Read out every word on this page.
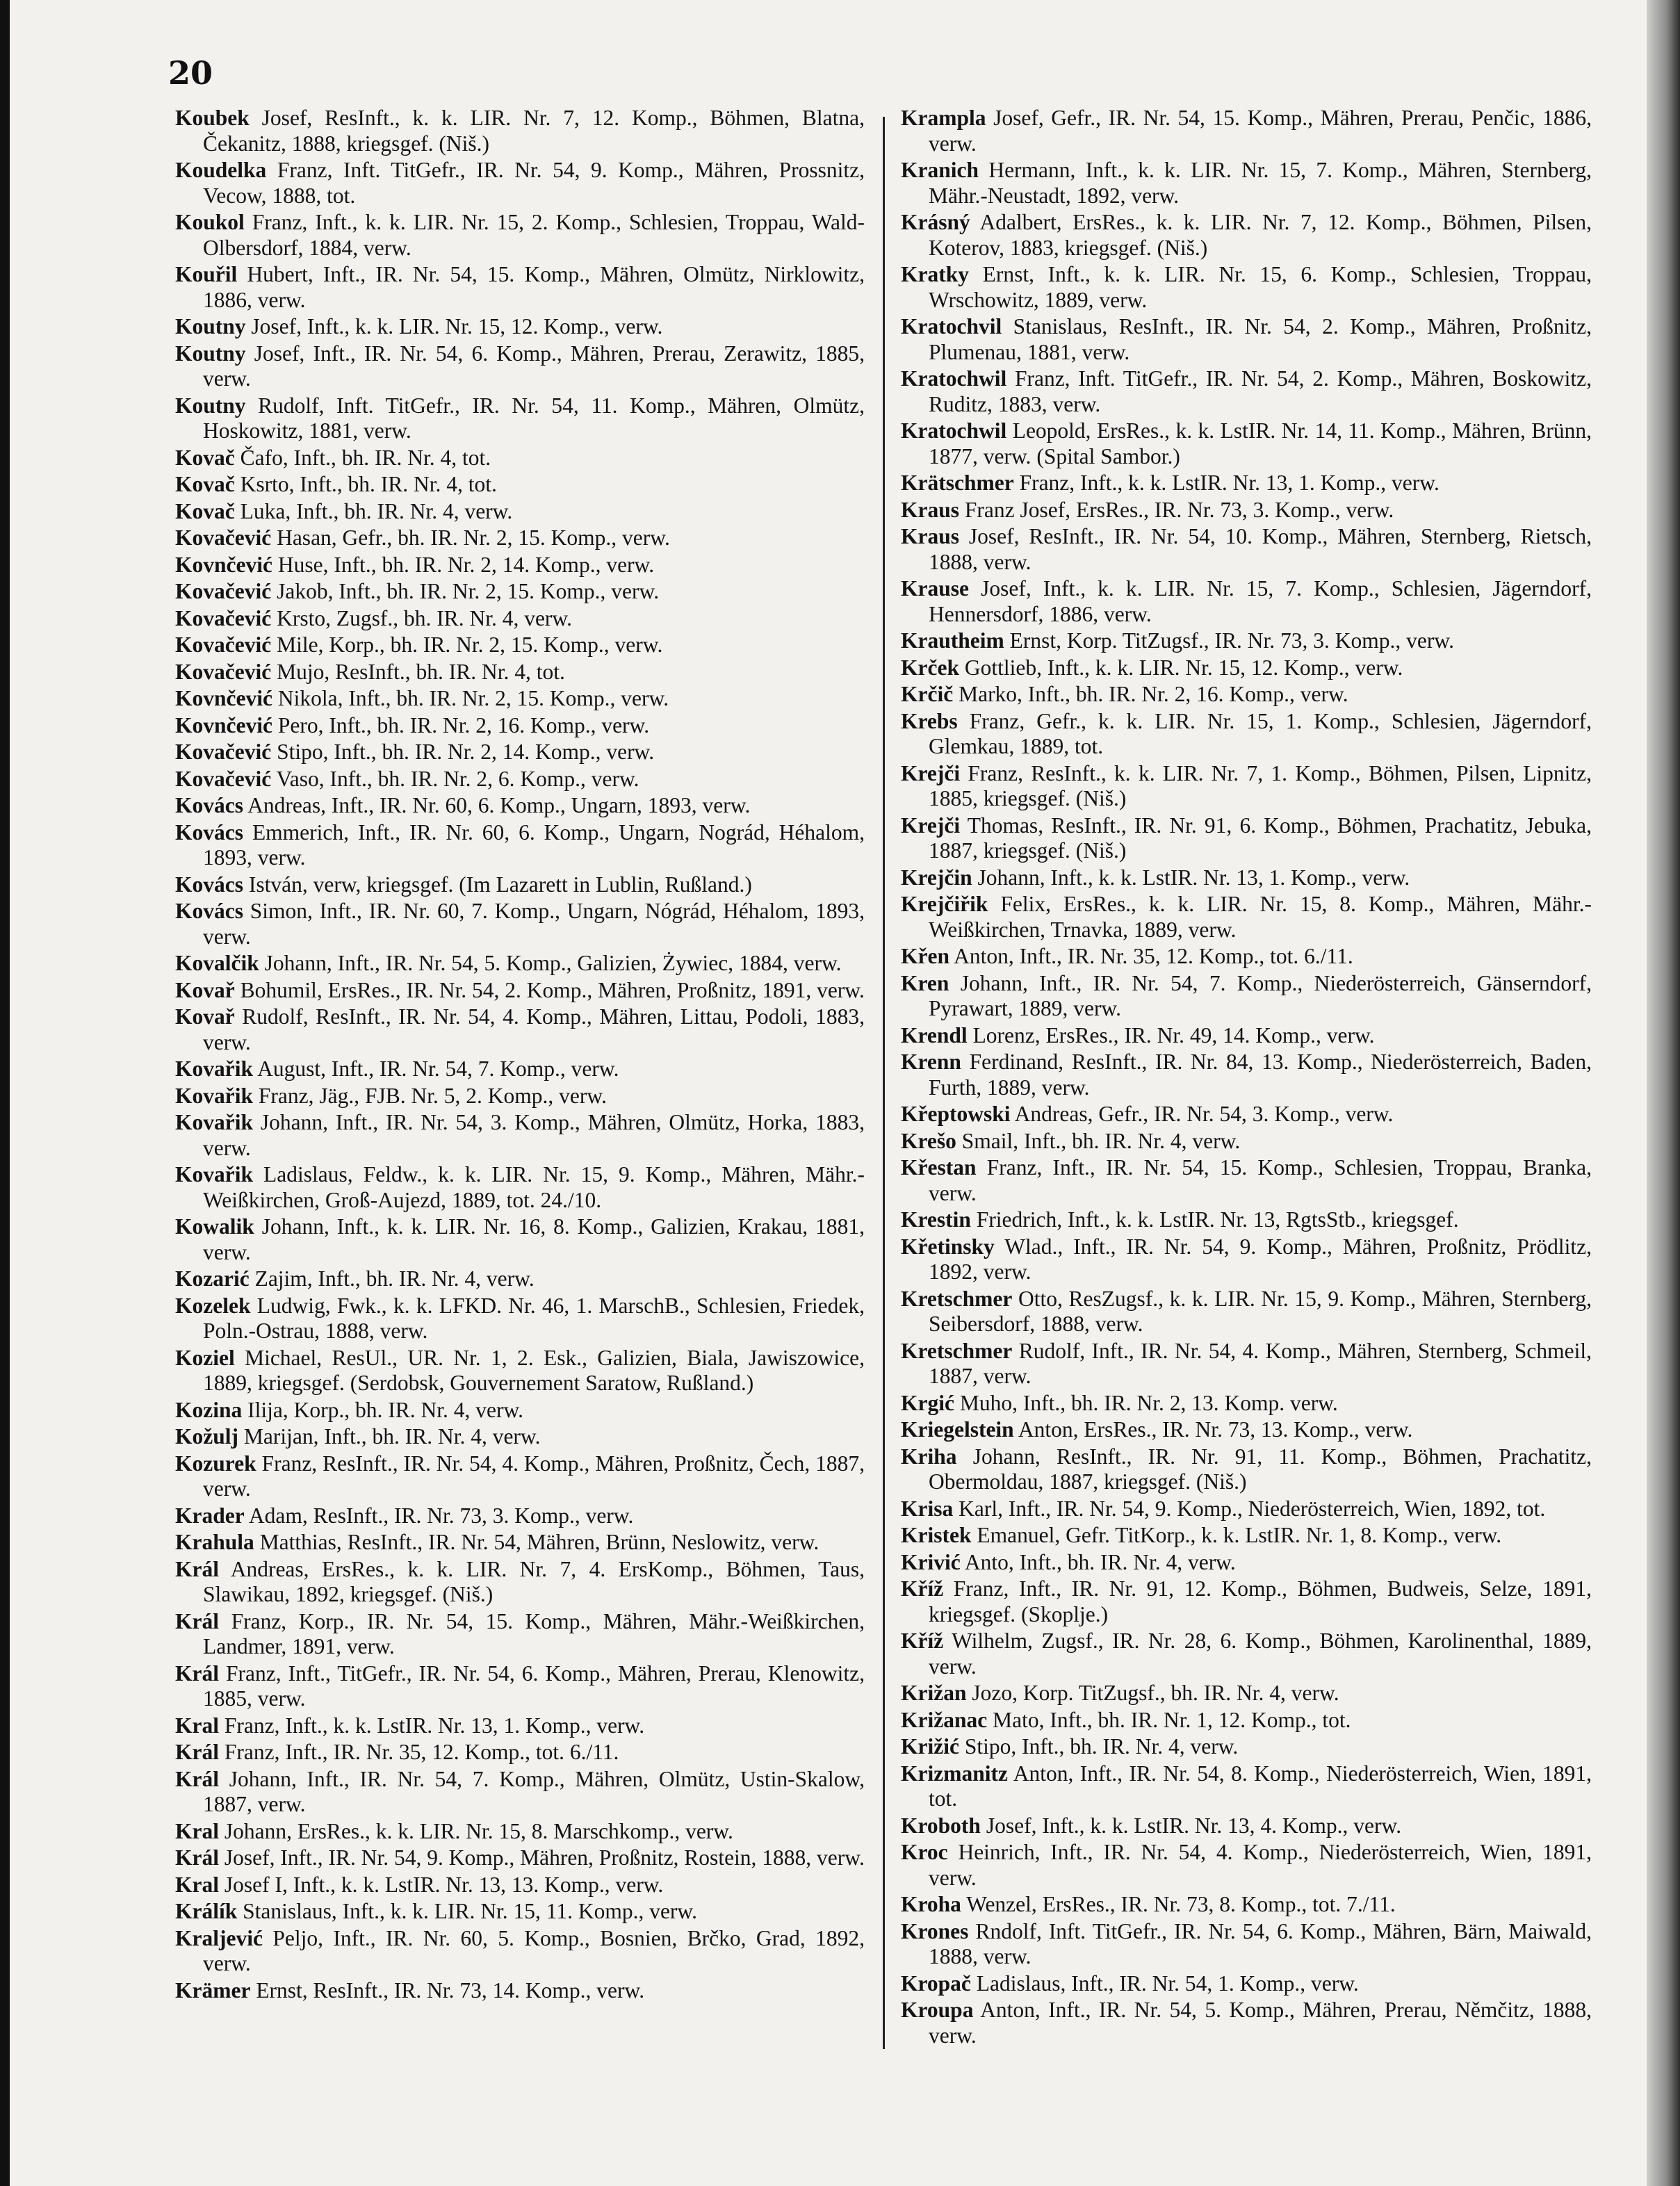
20
Koubek Josef, ResInft., k. k. LIR. Nr. 7, 12. Komp., Böhmen, Blatna, Čekanitz, 1888, kriegsgef. (Niš.)
Koudelka Franz, Inft. TitGefr., IR. Nr. 54, 9. Komp., Mähren, Prossnitz, Vecow, 1888, tot.
Koukol Franz, Inft., k. k. LIR. Nr. 15, 2. Komp., Schlesien, Troppau, Wald-Olbersdorf, 1884, verw.
Kouřil Hubert, Inft., IR. Nr. 54, 15. Komp., Mähren, Olmütz, Nirklowitz, 1886, verw.
Koutny Josef, Inft., k. k. LIR. Nr. 15, 12. Komp., verw.
Koutny Josef, Inft., IR. Nr. 54, 6. Komp., Mähren, Prerau, Zerawitz, 1885, verw.
Koutny Rudolf, Inft. TitGefr., IR. Nr. 54, 11. Komp., Mähren, Olmütz, Hoskowitz, 1881, verw.
Kovač Čafo, Inft., bh. IR. Nr. 4, tot.
Kovač Ksrto, Inft., bh. IR. Nr. 4, tot.
Kovač Luka, Inft., bh. IR. Nr. 4, verw.
Kovačević Hasan, Gefr., bh. IR. Nr. 2, 15. Komp., verw.
Kovnčević Huse, Inft., bh. IR. Nr. 2, 14. Komp., verw.
Kovačević Jakob, Inft., bh. IR. Nr. 2, 15. Komp., verw.
Kovačević Krsto, Zugsf., bh. IR. Nr. 4, verw.
Kovačević Mile, Korp., bh. IR. Nr. 2, 15. Komp., verw.
Kovačević Mujo, ResInft., bh. IR. Nr. 4, tot.
Kovnčević Nikola, Inft., bh. IR. Nr. 2, 15. Komp., verw.
Kovnčević Pero, Inft., bh. IR. Nr. 2, 16. Komp., verw.
Kovačević Stipo, Inft., bh. IR. Nr. 2, 14. Komp., verw.
Kovačević Vaso, Inft., bh. IR. Nr. 2, 6. Komp., verw.
Kovács Andreas, Inft., IR. Nr. 60, 6. Komp., Ungarn, 1893, verw.
Kovács Emmerich, Inft., IR. Nr. 60, 6. Komp., Ungarn, Nográd, Héhalom, 1893, verw.
Kovács István, verw, kriegsgef. (Im Lazarett in Lublin, Rußland.)
Kovács Simon, Inft., IR. Nr. 60, 7. Komp., Ungarn, Nógrád, Héhalom, 1893, verw.
Kovalčik Johann, Inft., IR. Nr. 54, 5. Komp., Galizien, Żywiec, 1884, verw.
Kovař Bohumil, ErsRes., IR. Nr. 54, 2. Komp., Mähren, Proßnitz, 1891, verw.
Kovař Rudolf, ResInft., IR. Nr. 54, 4. Komp., Mähren, Littau, Podoli, 1883, verw.
Kovařik August, Inft., IR. Nr. 54, 7. Komp., verw.
Kovařik Franz, Jäg., FJB. Nr. 5, 2. Komp., verw.
Kovařik Johann, Inft., IR. Nr. 54, 3. Komp., Mähren, Olmütz, Horka, 1883, verw.
Kovařik Ladislaus, Feldw., k. k. LIR. Nr. 15, 9. Komp., Mähren, Mähr.-Weißkirchen, Groß-Aujezd, 1889, tot. 24./10.
Kowalik Johann, Inft., k. k. LIR. Nr. 16, 8. Komp., Galizien, Krakau, 1881, verw.
Kozarić Zajim, Inft., bh. IR. Nr. 4, verw.
Kozelek Ludwig, Fwk., k. k. LFKD. Nr. 46, 1. MarschB., Schlesien, Friedek, Poln.-Ostrau, 1888, verw.
Koziel Michael, ResUl., UR. Nr. 1, 2. Esk., Galizien, Biala, Jawiszowice, 1889, kriegsgef. (Serdobsk, Gouvernement Saratow, Rußland.)
Kozina Ilija, Korp., bh. IR. Nr. 4, verw.
Kožulj Marijan, Inft., bh. IR. Nr. 4, verw.
Kozurek Franz, ResInft., IR. Nr. 54, 4. Komp., Mähren, Proßnitz, Čech, 1887, verw.
Krader Adam, ResInft., IR. Nr. 73, 3. Komp., verw.
Krahula Matthias, ResInft., IR. Nr. 54, Mähren, Brünn, Neslowitz, verw.
Král Andreas, ErsRes., k. k. LIR. Nr. 7, 4. ErsKomp., Böhmen, Taus, Slawikau, 1892, kriegsgef. (Niš.)
Král Franz, Korp., IR. Nr. 54, 15. Komp., Mähren, Mähr.-Weißkirchen, Landmer, 1891, verw.
Král Franz, Inft., TitGefr., IR. Nr. 54, 6. Komp., Mähren, Prerau, Klenowitz, 1885, verw.
Kral Franz, Inft., k. k. LstIR. Nr. 13, 1. Komp., verw.
Král Franz, Inft., IR. Nr. 35, 12. Komp., tot. 6./11.
Král Johann, Inft., IR. Nr. 54, 7. Komp., Mähren, Olmütz, Ustin-Skalow, 1887, verw.
Kral Johann, ErsRes., k. k. LIR. Nr. 15, 8. Marschkomp., verw.
Král Josef, Inft., IR. Nr. 54, 9. Komp., Mähren, Proßnitz, Rostein, 1888, verw.
Kral Josef I, Inft., k. k. LstIR. Nr. 13, 13. Komp., verw.
Králík Stanislaus, Inft., k. k. LIR. Nr. 15, 11. Komp., verw.
Kraljević Peljo, Inft., IR. Nr. 60, 5. Komp., Bosnien, Brčko, Grad, 1892, verw.
Krämer Ernst, ResInft., IR. Nr. 73, 14. Komp., verw.
Krampla Josef, Gefr., IR. Nr. 54, 15. Komp., Mähren, Prerau, Penčic, 1886, verw.
Kranich Hermann, Inft., k. k. LIR. Nr. 15, 7. Komp., Mähren, Sternberg, Mähr.-Neustadt, 1892, verw.
Krásný Adalbert, ErsRes., k. k. LIR. Nr. 7, 12. Komp., Böhmen, Pilsen, Koterov, 1883, kriegsgef. (Niš.)
Kratky Ernst, Inft., k. k. LIR. Nr. 15, 6. Komp., Schlesien, Troppau, Wrschowitz, 1889, verw.
Kratochvil Stanislaus, ResInft., IR. Nr. 54, 2. Komp., Mähren, Proßnitz, Plumenau, 1881, verw.
Kratochwil Franz, Inft. TitGefr., IR. Nr. 54, 2. Komp., Mähren, Boskowitz, Ruditz, 1883, verw.
Kratochwil Leopold, ErsRes., k. k. LstIR. Nr. 14, 11. Komp., Mähren, Brünn, 1877, verw. (Spital Sambor.)
Krätschmer Franz, Inft., k. k. LstIR. Nr. 13, 1. Komp., verw.
Kraus Franz Josef, ErsRes., IR. Nr. 73, 3. Komp., verw.
Kraus Josef, ResInft., IR. Nr. 54, 10. Komp., Mähren, Sternberg, Rietsch, 1888, verw.
Krause Josef, Inft., k. k. LIR. Nr. 15, 7. Komp., Schlesien, Jägerndorf, Hennersdorf, 1886, verw.
Krautheim Ernst, Korp. TitZugsf., IR. Nr. 73, 3. Komp., verw.
Krček Gottlieb, Inft., k. k. LIR. Nr. 15, 12. Komp., verw.
Krčič Marko, Inft., bh. IR. Nr. 2, 16. Komp., verw.
Krebs Franz, Gefr., k. k. LIR. Nr. 15, 1. Komp., Schlesien, Jägerndorf, Glemkau, 1889, tot.
Krejči Franz, ResInft., k. k. LIR. Nr. 7, 1. Komp., Böhmen, Pilsen, Lipnitz, 1885, kriegsgef. (Niš.)
Krejči Thomas, ResInft., IR. Nr. 91, 6. Komp., Böhmen, Prachatitz, Jebuka, 1887, kriegsgef. (Niš.)
Krejčin Johann, Inft., k. k. LstIR. Nr. 13, 1. Komp., verw.
Krejčiřik Felix, ErsRes., k. k. LIR. Nr. 15, 8. Komp., Mähren, Mähr.-Weißkirchen, Trnavka, 1889, verw.
Křen Anton, Inft., IR. Nr. 35, 12. Komp., tot. 6./11.
Kren Johann, Inft., IR. Nr. 54, 7. Komp., Niederösterreich, Gänserndorf, Pyrawart, 1889, verw.
Krendl Lorenz, ErsRes., IR. Nr. 49, 14. Komp., verw.
Krenn Ferdinand, ResInft., IR. Nr. 84, 13. Komp., Niederösterreich, Baden, Furth, 1889, verw.
Křeptowski Andreas, Gefr., IR. Nr. 54, 3. Komp., verw.
Krešo Smail, Inft., bh. IR. Nr. 4, verw.
Křestan Franz, Inft., IR. Nr. 54, 15. Komp., Schlesien, Troppau, Branka, verw.
Krestin Friedrich, Inft., k. k. LstIR. Nr. 13, RgtsStb., kriegsgef.
Křetinsky Wlad., Inft., IR. Nr. 54, 9. Komp., Mähren, Proßnitz, Prödlitz, 1892, verw.
Kretschmer Otto, ResZugsf., k. k. LIR. Nr. 15, 9. Komp., Mähren, Sternberg, Seibersdorf, 1888, verw.
Kretschmer Rudolf, Inft., IR. Nr. 54, 4. Komp., Mähren, Sternberg, Schmeil, 1887, verw.
Krgić Muho, Inft., bh. IR. Nr. 2, 13. Komp. verw.
Kriegelstein Anton, ErsRes., IR. Nr. 73, 13. Komp., verw.
Kriha Johann, ResInft., IR. Nr. 91, 11. Komp., Böhmen, Prachatitz, Obermoldau, 1887, kriegsgef. (Niš.)
Krisa Karl, Inft., IR. Nr. 54, 9. Komp., Niederösterreich, Wien, 1892, tot.
Kristek Emanuel, Gefr. TitKorp., k. k. LstIR. Nr. 1, 8. Komp., verw.
Krivić Anto, Inft., bh. IR. Nr. 4, verw.
Kříž Franz, Inft., IR. Nr. 91, 12. Komp., Böhmen, Budweis, Selze, 1891, kriegsgef. (Skoplje.)
Kříž Wilhelm, Zugsf., IR. Nr. 28, 6. Komp., Böhmen, Karolinenthal, 1889, verw.
Križan Jozo, Korp. TitZugsf., bh. IR. Nr. 4, verw.
Križanac Mato, Inft., bh. IR. Nr. 1, 12. Komp., tot.
Križić Stipo, Inft., bh. IR. Nr. 4, verw.
Krizmanitz Anton, Inft., IR. Nr. 54, 8. Komp., Niederösterreich, Wien, 1891, tot.
Kroboth Josef, Inft., k. k. LstIR. Nr. 13, 4. Komp., verw.
Kroc Heinrich, Inft., IR. Nr. 54, 4. Komp., Niederösterreich, Wien, 1891, verw.
Kroha Wenzel, ErsRes., IR. Nr. 73, 8. Komp., tot. 7./11.
Krones Rndolf, Inft. TitGefr., IR. Nr. 54, 6. Komp., Mähren, Bärn, Maiwald, 1888, verw.
Kropač Ladislaus, Inft., IR. Nr. 54, 1. Komp., verw.
Kroupa Anton, Inft., IR. Nr. 54, 5. Komp., Mähren, Prerau, Němčitz, 1888, verw.
